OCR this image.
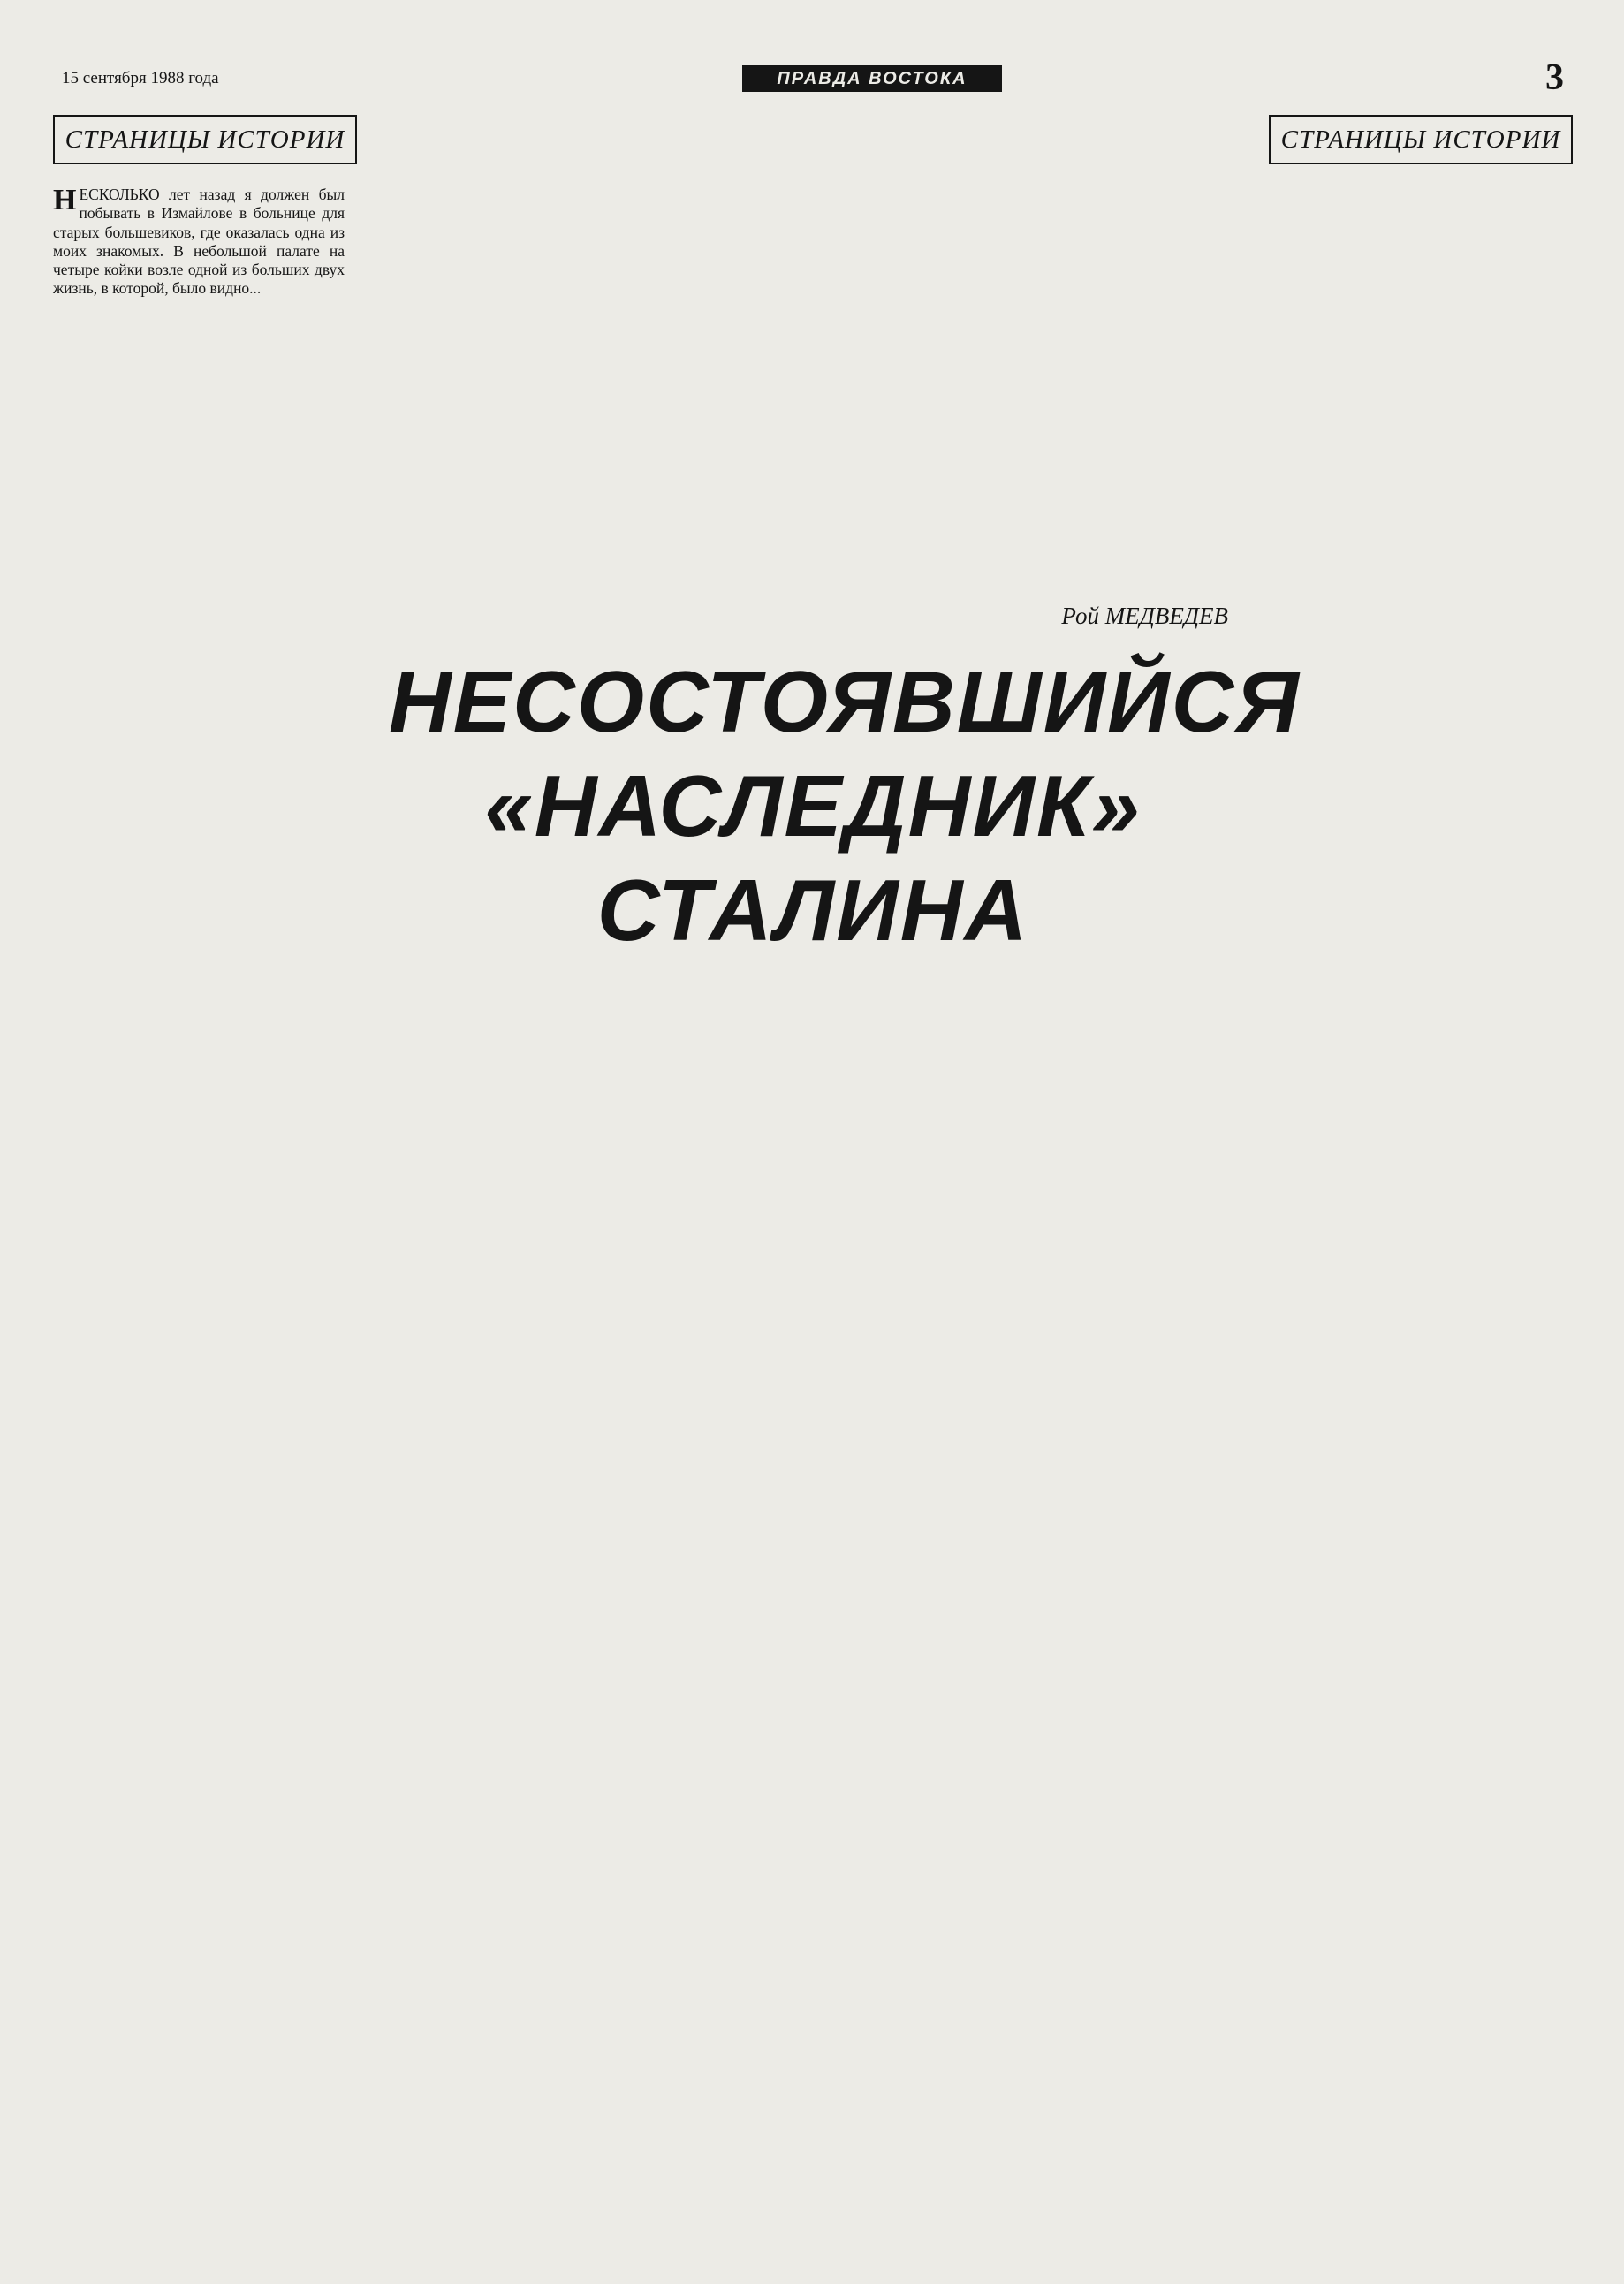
15 сентября 1988 года	ПРАВДА ВОСТОКА	3
СТРАНИЦЫ ИСТОРИИ	СТРАНИЦЫ ИСТОРИИ
Рой МЕДВЕДЕВ
НЕСОСТОЯВШИЙСЯ
«НАСЛЕДНИК» СТАЛИНА

Н ЕСКОЛЬКО лет назад я должен был побывать в Измайлове в больнице для старых большевиков, где оказалась одна из моих знакомых. В небольшой палате на четыре койки возле одной из больших двух жизнь, в которой, было видно...
